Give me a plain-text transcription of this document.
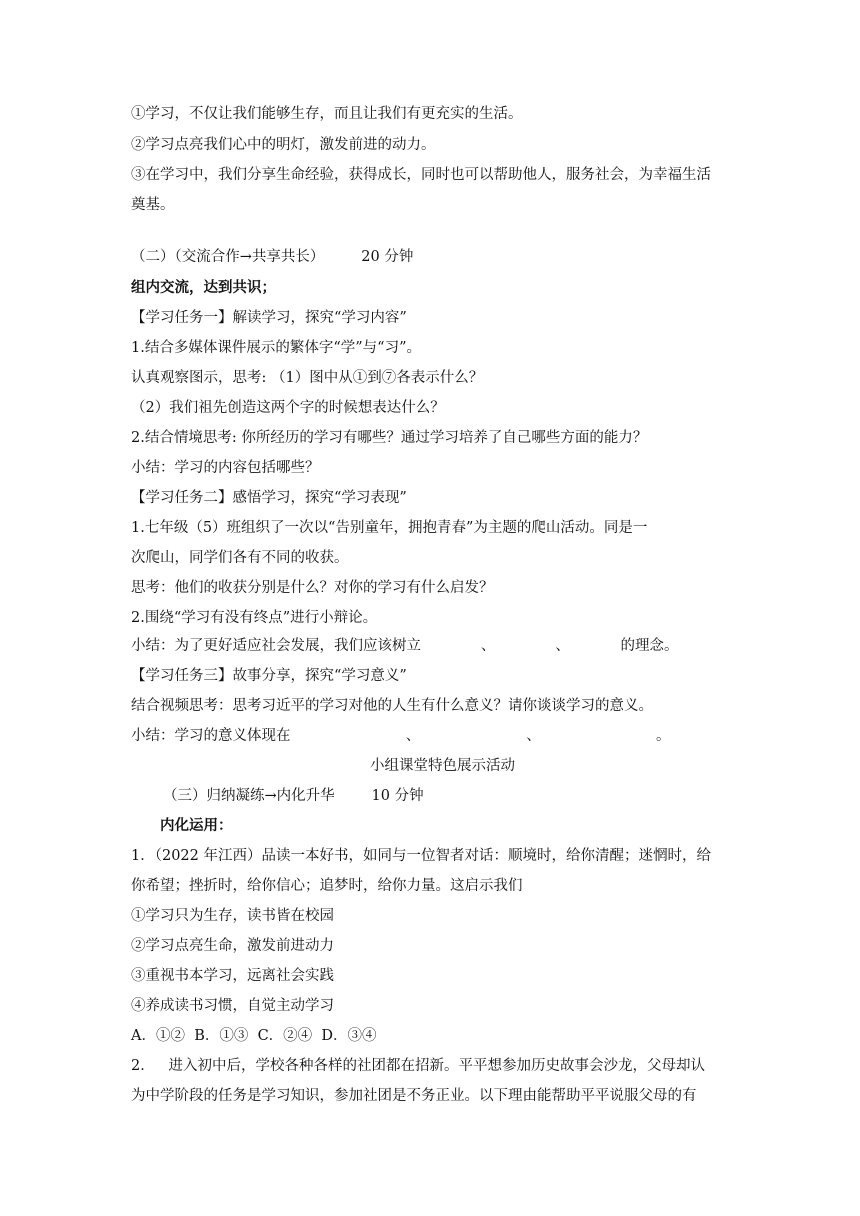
①学习，不仅让我们能够生存，而且让我们有更充实的生活。
②学习点亮我们心中的明灯，激发前进的动力。
③在学习中，我们分享生命经验，获得成长，同时也可以帮助他人，服务社会，为幸福生活
奠基。
（二）（交流合作→共享共长）        20 分钟
组内交流，达到共识；
【学习任务一】解读学习，探究“学习内容”
1.结合多媒体课件展示的繁体字“学”与“习”。
认真观察图示，思考: （1）图中从①到⑦各表示什么？
（2）我们祖先创造这两个字的时候想表达什么？
2.结合情境思考: 你所经历的学习有哪些？通过学习培养了自己哪些方面的能力？
小结：学习的内容包括哪些？
【学习任务二】感悟学习，探究“学习表现”
1.七年级（5）班组织了一次以“告别童年，拥抱青春”为主题的爬山活动。同是一
次爬山，同学们各有不同的收获。
思考：他们的收获分别是什么？对你的学习有什么启发？
2.围绕“学习有没有终点”进行小辩论。
小结：为了更好适应社会发展，我们应该树立             、             、           的理念。
【学习任务三】故事分享，探究“学习意义”
结合视频思考：思考习近平的学习对他的人生有什么意义？请你谈谈学习的意义。
小结：学习的意义体现在                         、                       、                         。
小组课堂特色展示活动
（三）归纳凝练→内化升华        10 分钟
内化运用：
1．（2022 年江西）品读一本好书，如同与一位智者对话：顺境时，给你清醒；迷惘时，给
你希望；挫折时，给你信心；追梦时，给你力量。这启示我们
①学习只为生存，读书皆在校园
②学习点亮生命，激发前进动力
③重视书本学习，远离社会实践
④养成读书习惯，自觉主动学习
A．①②  B．①③  C．②④  D．③④
2．   进入初中后，学校各种各样的社团都在招新。平平想参加历史故事会沙龙，父母却认
为中学阶段的任务是学习知识，参加社团是不务正业。以下理由能帮助平平说服父母的有
